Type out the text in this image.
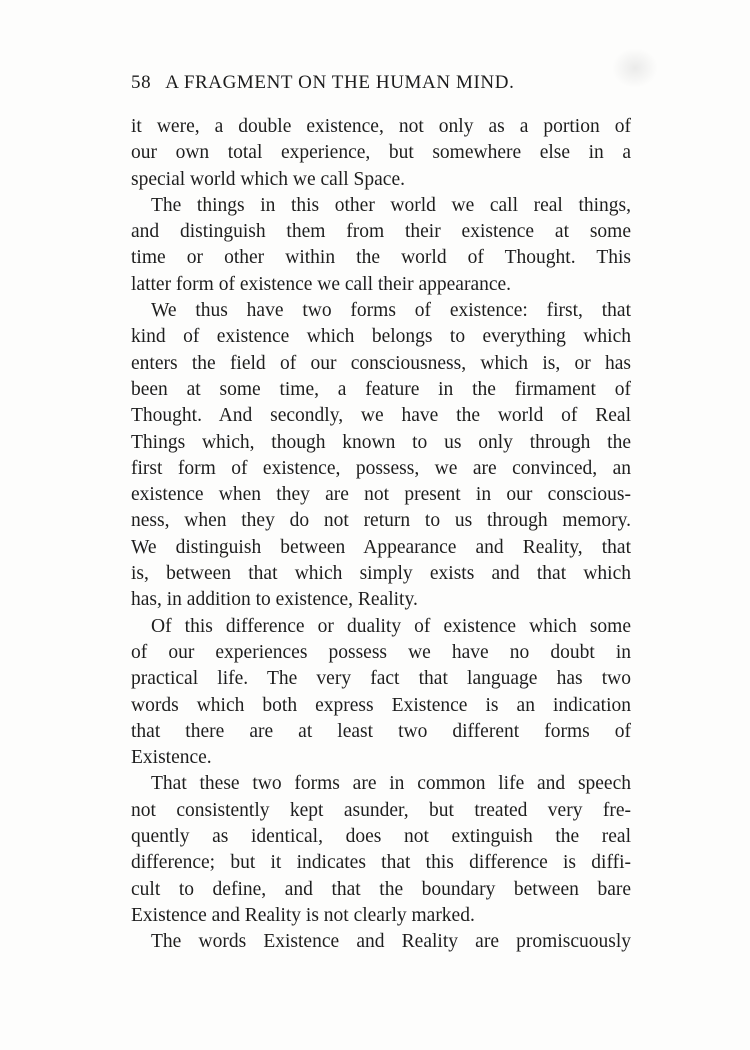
58 A FRAGMENT ON THE HUMAN MIND.
it were, a double existence, not only as a portion of
our own total experience, but somewhere else in a
special world which we call Space.
The things in this other world we call real things,
and distinguish them from their existence at some
time or other within the world of Thought. This
latter form of existence we call their appearance.
We thus have two forms of existence: first, that
kind of existence which belongs to everything which
enters the field of our consciousness, which is, or has
been at some time, a feature in the firmament of
Thought. And secondly, we have the world of Real
Things which, though known to us only through the
first form of existence, possess, we are convinced, an
existence when they are not present in our conscious-
ness, when they do not return to us through memory.
We distinguish between Appearance and Reality, that
is, between that which simply exists and that which
has, in addition to existence, Reality.
Of this difference or duality of existence which some
of our experiences possess we have no doubt in
practical life. The very fact that language has two
words which both express Existence is an indication
that there are at least two different forms of
Existence.
That these two forms are in common life and speech
not consistently kept asunder, but treated very fre-
quently as identical, does not extinguish the real
difference; but it indicates that this difference is diffi-
cult to define, and that the boundary between bare
Existence and Reality is not clearly marked.
The words Existence and Reality are promiscuously
